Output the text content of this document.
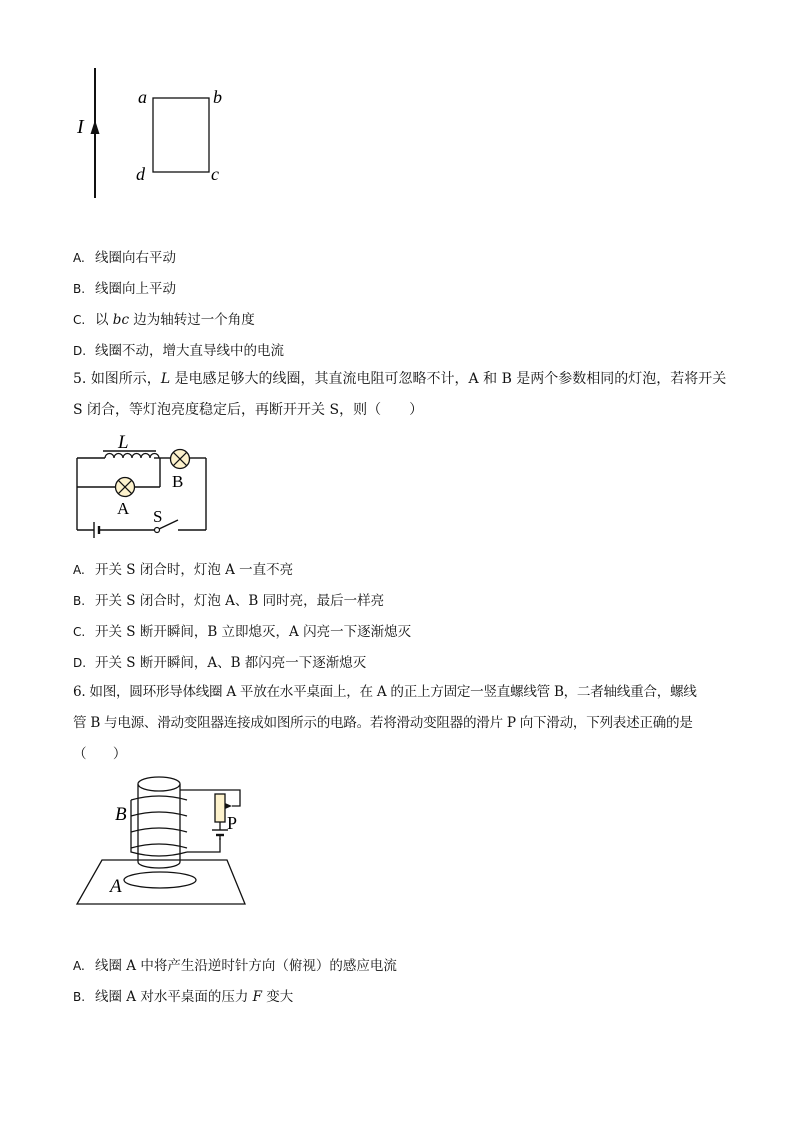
I
a	b
c
d
A. 线圈向右平动
B. 线圈向上平动
C. 以 bc 边为轴转过一个角度
D. 线圈不动，增大直导线中的电流
5. 如图所示，L 是电感足够大的线圈，其直流电阻可忽略不计，A 和 B 是两个参数相同的灯泡，若将开关
S 闭合，等灯泡亮度稳定后，再断开开关 S，则（　　）
L
B
A S
A. 开关 S 闭合时，灯泡 A 一直不亮
B. 开关 S 闭合时，灯泡 A、B 同时亮，最后一样亮
C. 开关 S 断开瞬间，B 立即熄灭，A 闪亮一下逐渐熄灭
D. 开关 S 断开瞬间，A、B 都闪亮一下逐渐熄灭
6. 如图，圆环形导体线圈 A 平放在水平桌面上，在 A 的正上方固定一竖直螺线管 B，二者轴线重合，螺线
管 B 与电源、滑动变阻器连接成如图所示的电路。若将滑动变阻器的滑片 P 向下滑动，下列表述正确的是
（　　）
B
A
P
A. 线圈 A 中将产生沿逆时针方向（俯视）的感应电流
B. 线圈 A 对水平桌面的压力 F 变大
